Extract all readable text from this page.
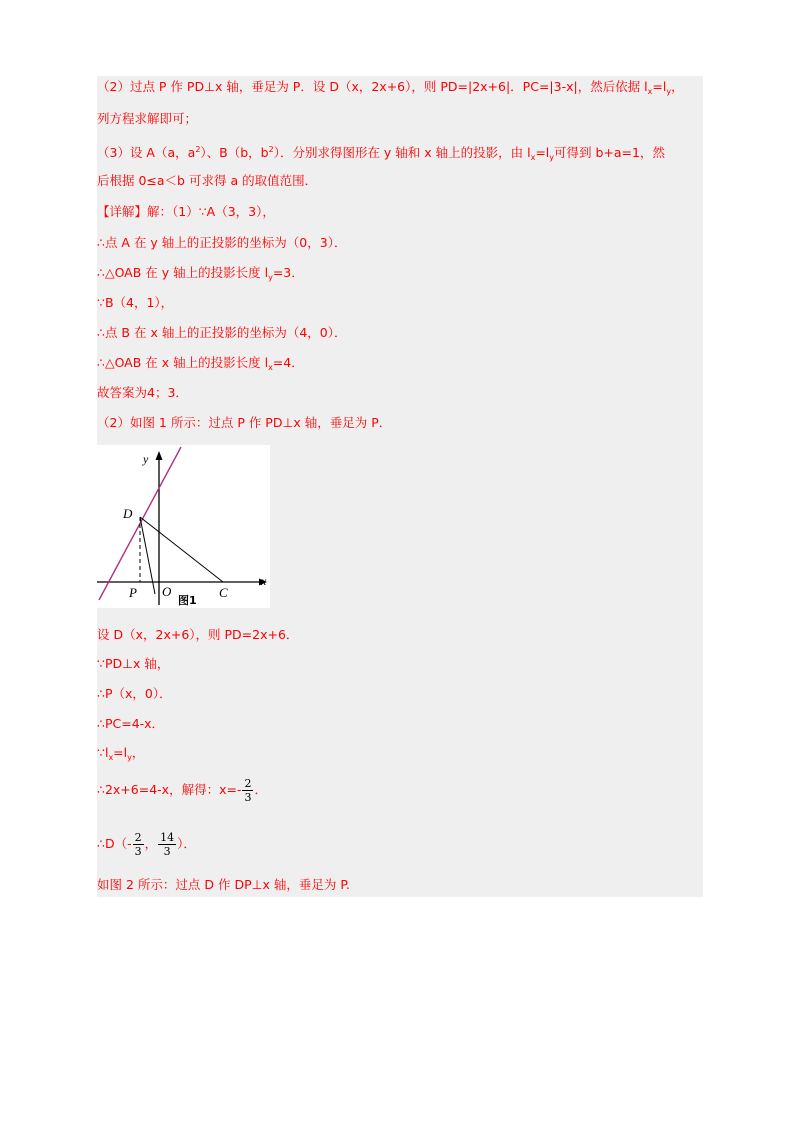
（2）过点 P 作 PD⊥x 轴，垂足为 P．设 D（x，2x+6），则 PD=|2x+6|．PC=|3-x|，然后依据 $l_x=l_y$，
列方程求解即可；
（3）设 A（a，$a^2$）、B（b，$b^2$）．分别求得图形在 y 轴和 x 轴上的投影，由 $l_x=l_y$可得到 b+a=1，然
后根据 0≤a＜b 可求得 a 的取值范围．
【详解】解：（1）∵A（3，3），
∴点 A 在 y 轴上的正投影的坐标为（0，3）．
∴△OAB 在 y 轴上的投影长度 $l_y=3$．
∵B（4，1），
∴点 B 在 x 轴上的正投影的坐标为（4，0）．
∴△OAB 在 x 轴上的投影长度 $l_x=4$．
故答案为4；3．
（2）如图 1 所示：过点 P 作 PD⊥x 轴，垂足为 P．
y
x
D
P O	C
图1
设 D（x，2x+6），则 PD=2x+6．
∵PD⊥x 轴，
∴P（x，0）．
∴PC=4-x．
$\because l_x=l_y$，
∴2x+6=4-x，解得：$x=- \frac{2}{3}$ ．
∴D（- $\frac{2}{3}$ ， $\frac{14}{3}$ ）．
如图 2 所示：过点 D 作 DP⊥x 轴，垂足为 P.
